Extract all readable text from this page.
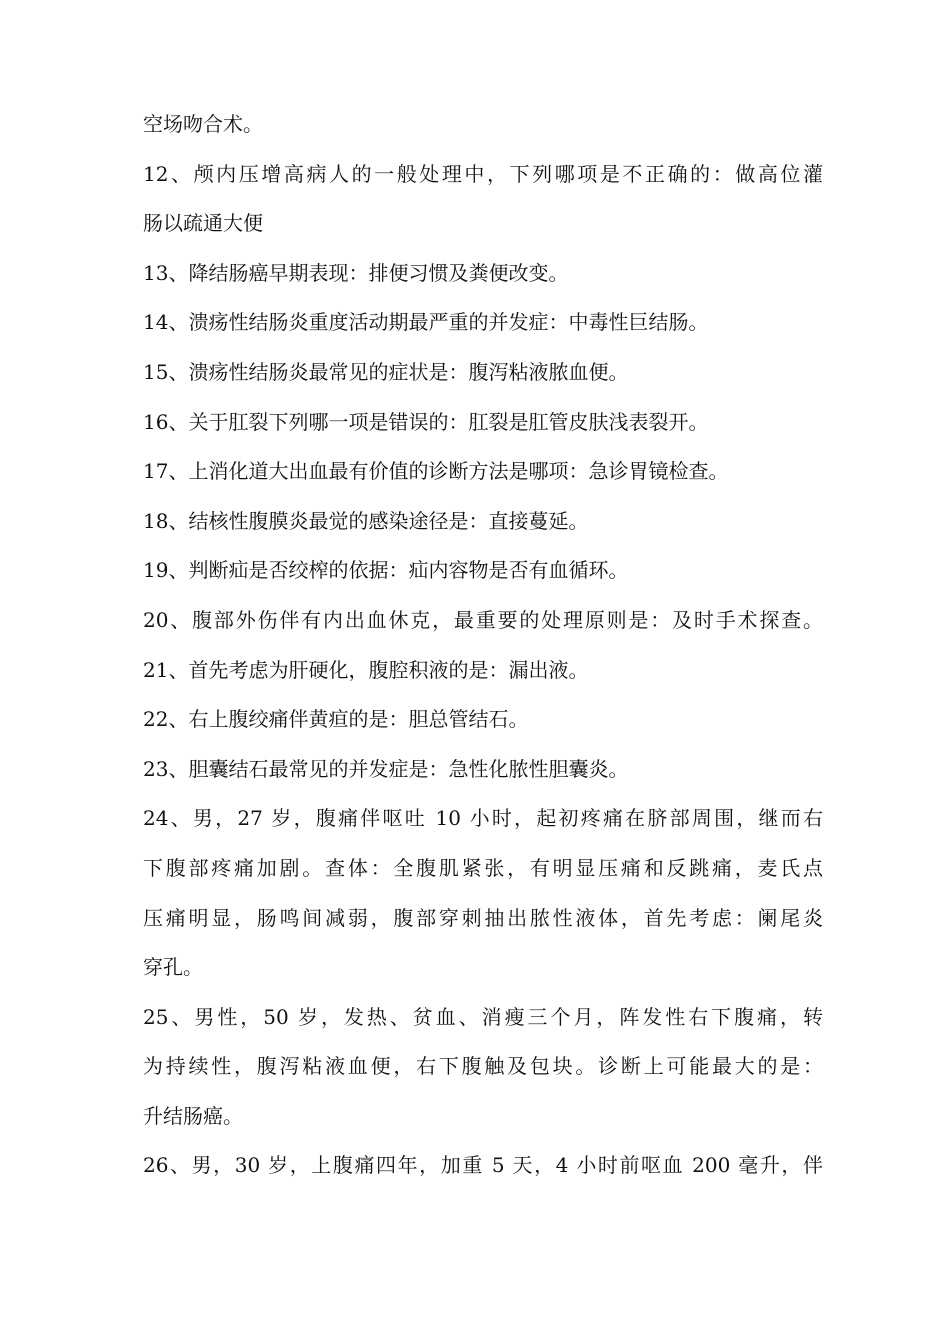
空场吻合术。

12、颅内压增高病人的一般处理中，下列哪项是不正确的：做高位灌

肠以疏通大便

13、降结肠癌早期表现：排便习惯及粪便改变。

14、溃疡性结肠炎重度活动期最严重的并发症：中毒性巨结肠。

15、溃疡性结肠炎最常见的症状是：腹泻粘液脓血便。

16、关于肛裂下列哪一项是错误的：肛裂是肛管皮肤浅表裂开。

17、上消化道大出血最有价值的诊断方法是哪项：急诊胃镜检查。

18、结核性腹膜炎最觉的感染途径是：直接蔓延。

19、判断疝是否绞榨的依据：疝内容物是否有血循环。

20、腹部外伤伴有内出血休克，最重要的处理原则是：及时手术探查。

21、首先考虑为肝硬化，腹腔积液的是：漏出液。

22、右上腹绞痛伴黄疸的是：胆总管结石。

23、胆囊结石最常见的并发症是：急性化脓性胆囊炎。

24、男，27 岁，腹痛伴呕吐 10 小时，起初疼痛在脐部周围，继而右

下腹部疼痛加剧。查体：全腹肌紧张，有明显压痛和反跳痛，麦氏点

压痛明显，肠鸣间减弱，腹部穿刺抽出脓性液体，首先考虑：阑尾炎

穿孔。

25、男性，50 岁，发热、贫血、消瘦三个月，阵发性右下腹痛，转

为持续性，腹泻粘液血便，右下腹触及包块。诊断上可能最大的是：

升结肠癌。

26、男，30 岁，上腹痛四年，加重 5 天，4 小时前呕血 200 毫升，伴
